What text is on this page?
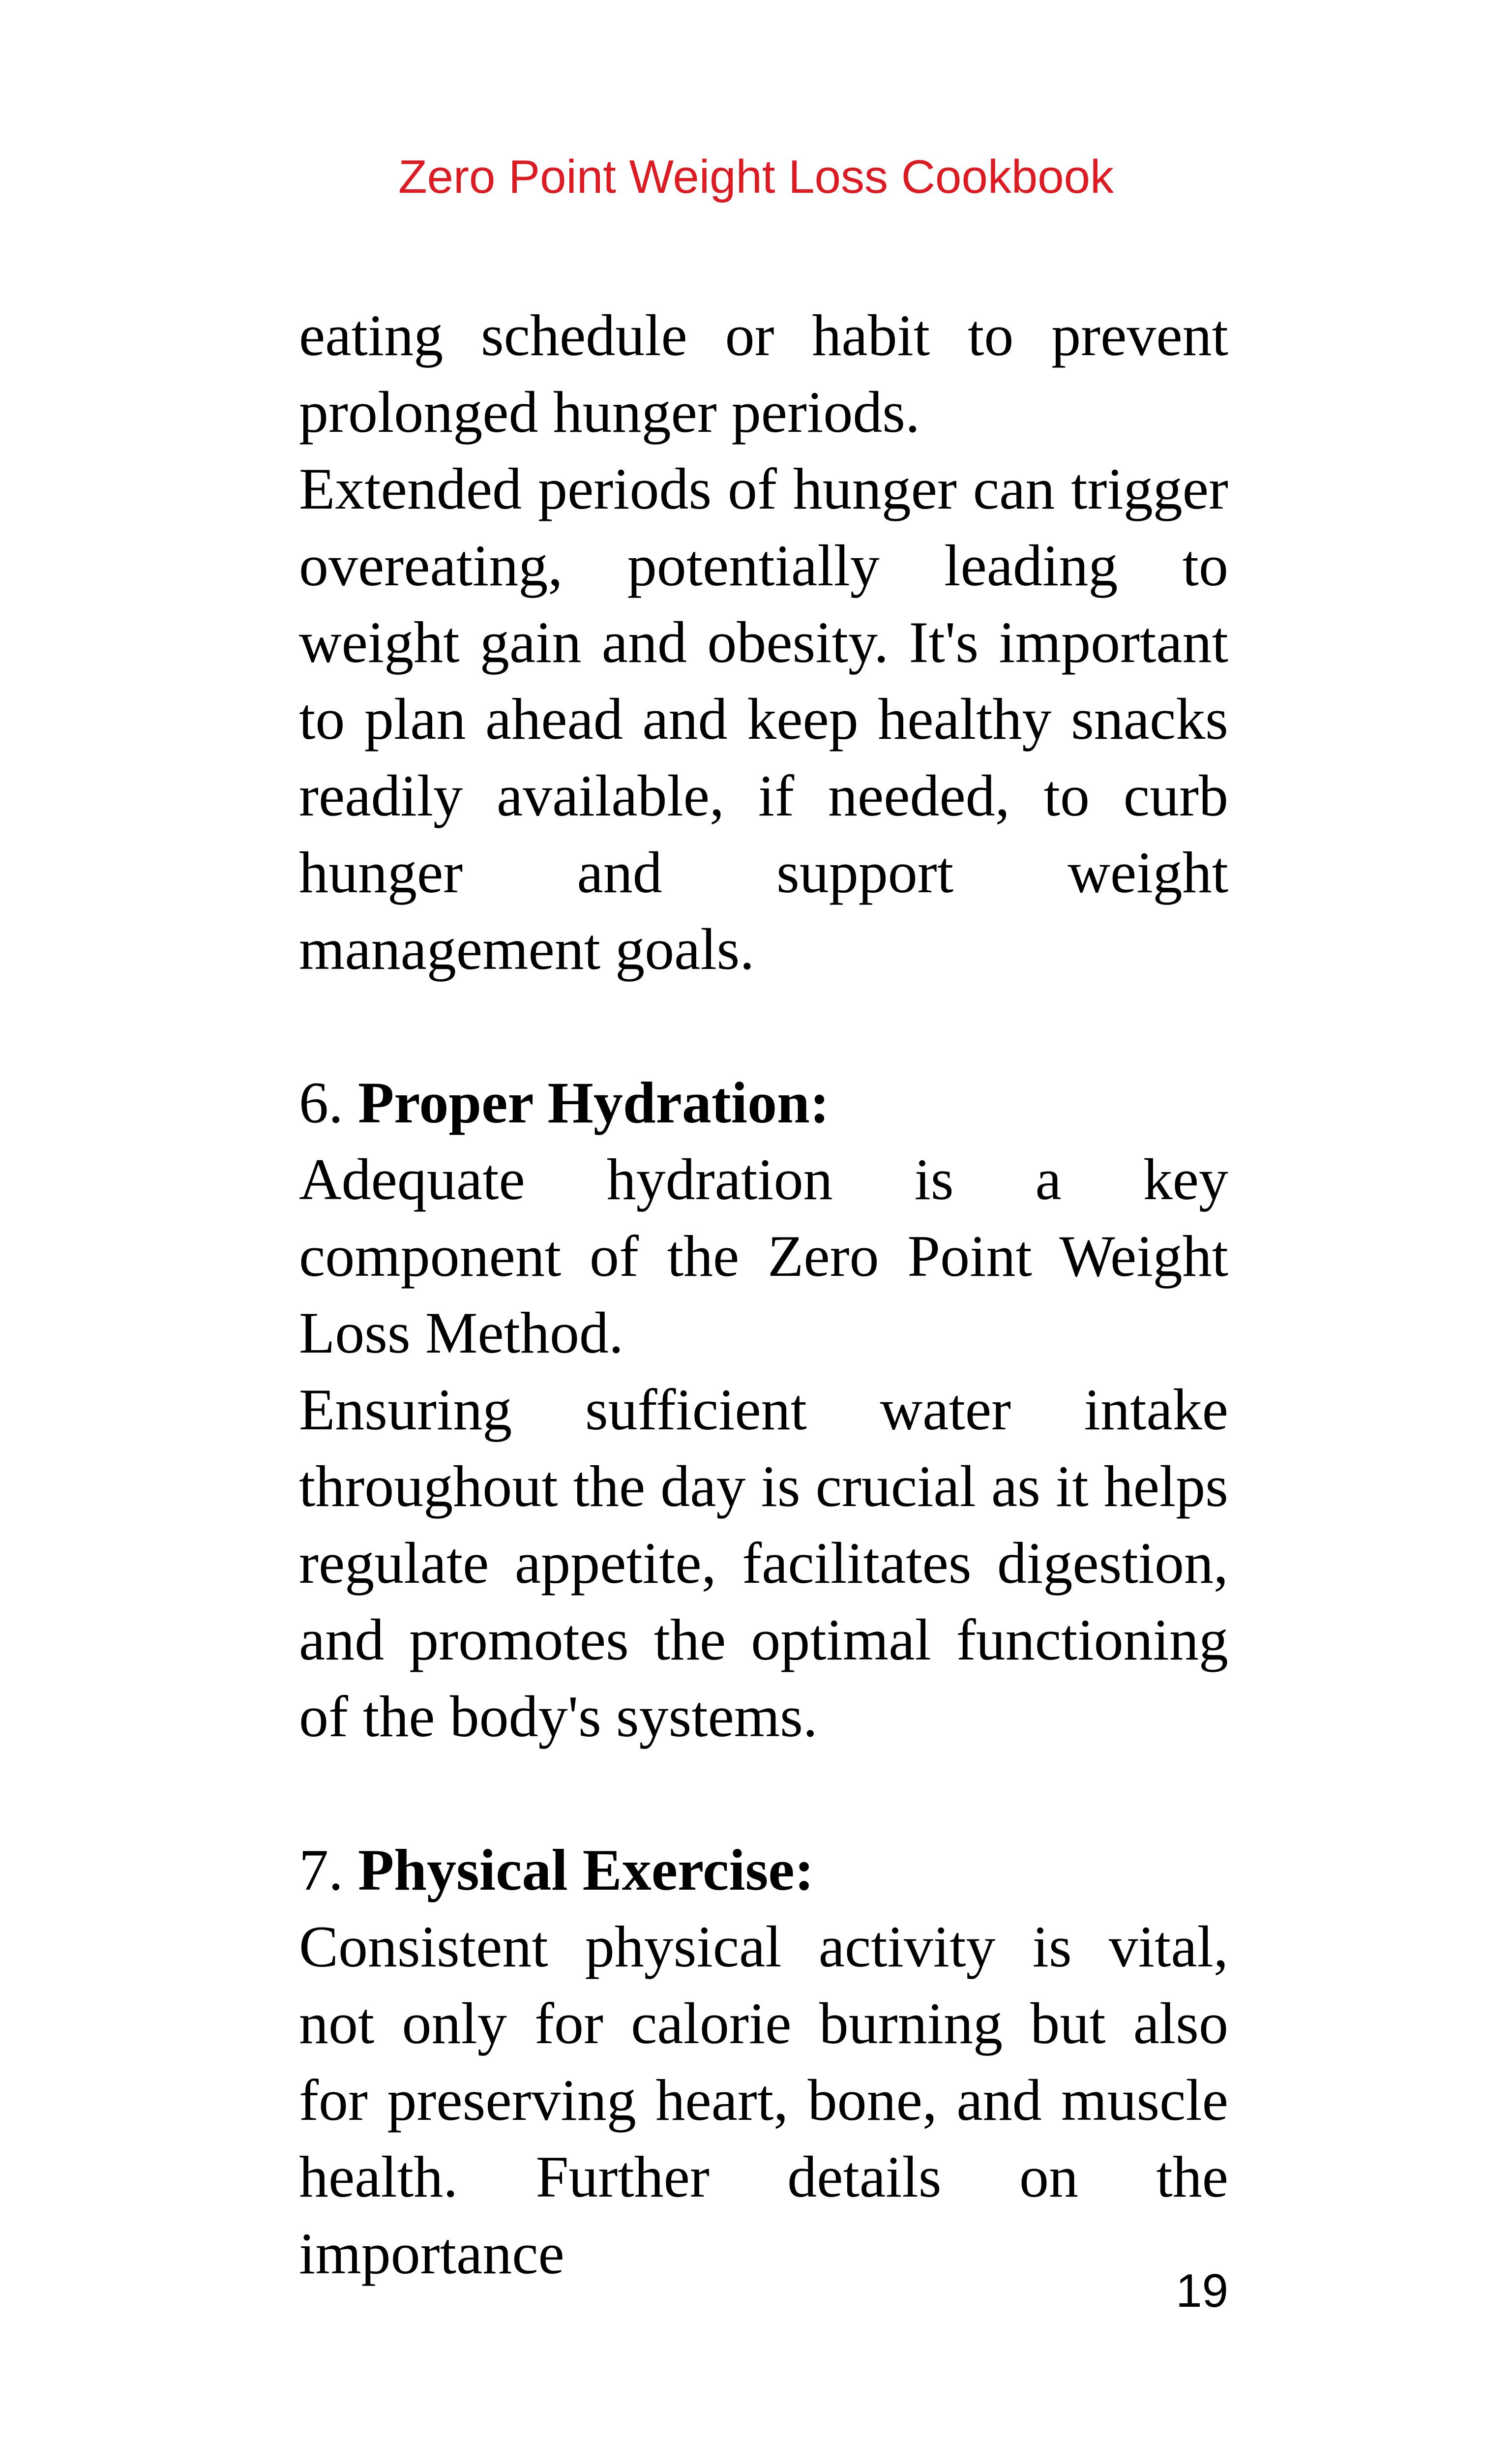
Zero Point Weight Loss Cookbook

eating schedule or habit to prevent prolonged hunger periods.

Extended periods of hunger can trigger overeating, potentially leading to weight gain and obesity. It's important to plan ahead and keep healthy snacks readily available, if needed, to curb hunger and support weight management goals.

6. Proper Hydration:

Adequate hydration is a key component of the Zero Point Weight Loss Method.

Ensuring sufficient water intake throughout the day is crucial as it helps regulate appetite, facilitates digestion, and promotes the optimal functioning of the body's systems.

7. Physical Exercise:

Consistent physical activity is vital, not only for calorie burning but also for preserving heart, bone, and muscle health. Further details on the importance

19
